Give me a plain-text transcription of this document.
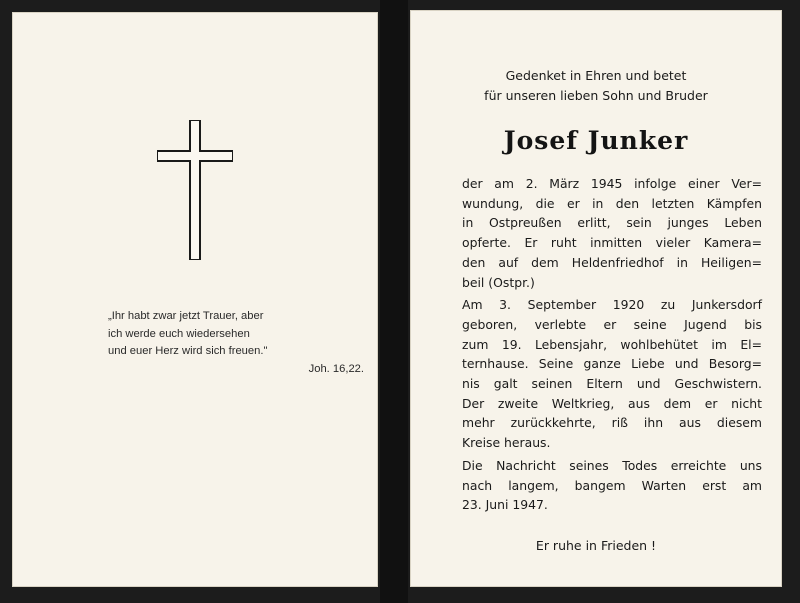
„Ihr habt zwar jetzt Trauer, aber
ich werde euch wiedersehen
und euer Herz wird sich freuen."
Joh. 16,22.
Gedenket in Ehren und betet
für unseren lieben Sohn und Bruder
Josef Junker
der am 2. März 1945 infolge einer Ver=
wundung, die er in den letzten Kämpfen
in Ostpreußen erlitt, sein junges Leben
opferte. Er ruht inmitten vieler Kamera=
den auf dem Heldenfriedhof in Heiligen=
beil (Ostpr.)
Am 3. September 1920 zu Junkersdorf
geboren, verlebte er seine Jugend bis
zum 19. Lebensjahr, wohlbehütet im El=
ternhause. Seine ganze Liebe und Besorg=
nis galt seinen Eltern und Geschwistern.
Der zweite Weltkrieg, aus dem er nicht
mehr zurückkehrte, riß ihn aus diesem
Kreise heraus.
Die Nachricht seines Todes erreichte uns
nach langem, bangem Warten erst am
23. Juni 1947.
Er ruhe in Frieden !
